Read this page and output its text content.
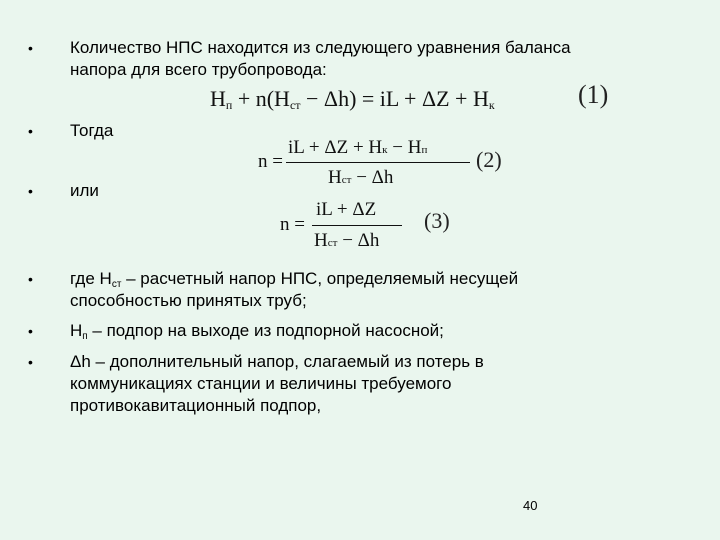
• Количество НПС находится из следующего уравнения баланса
напора для всего трубопровода:
$H_п + n(H_{ст} - \Delta h)$ = iL + $\Delta Z + H_к$	(1)
• Тогда
n =
iL + ΔZ + Hк − Hп
Hст − Δh
(2)
• или
n =
iL + ΔZ
Hст − Δh
(3)
• где $H_{ст}$ – расчетный напор НПС, определяемый несущей
способностью принятых труб;
• $H_п$ – подпор на выходе из подпорной насосной;
• Δh – дополнительный напор, слагаемый из потерь в
коммуникациях станции и величины требуемого
противокавитационный подпор,
40
